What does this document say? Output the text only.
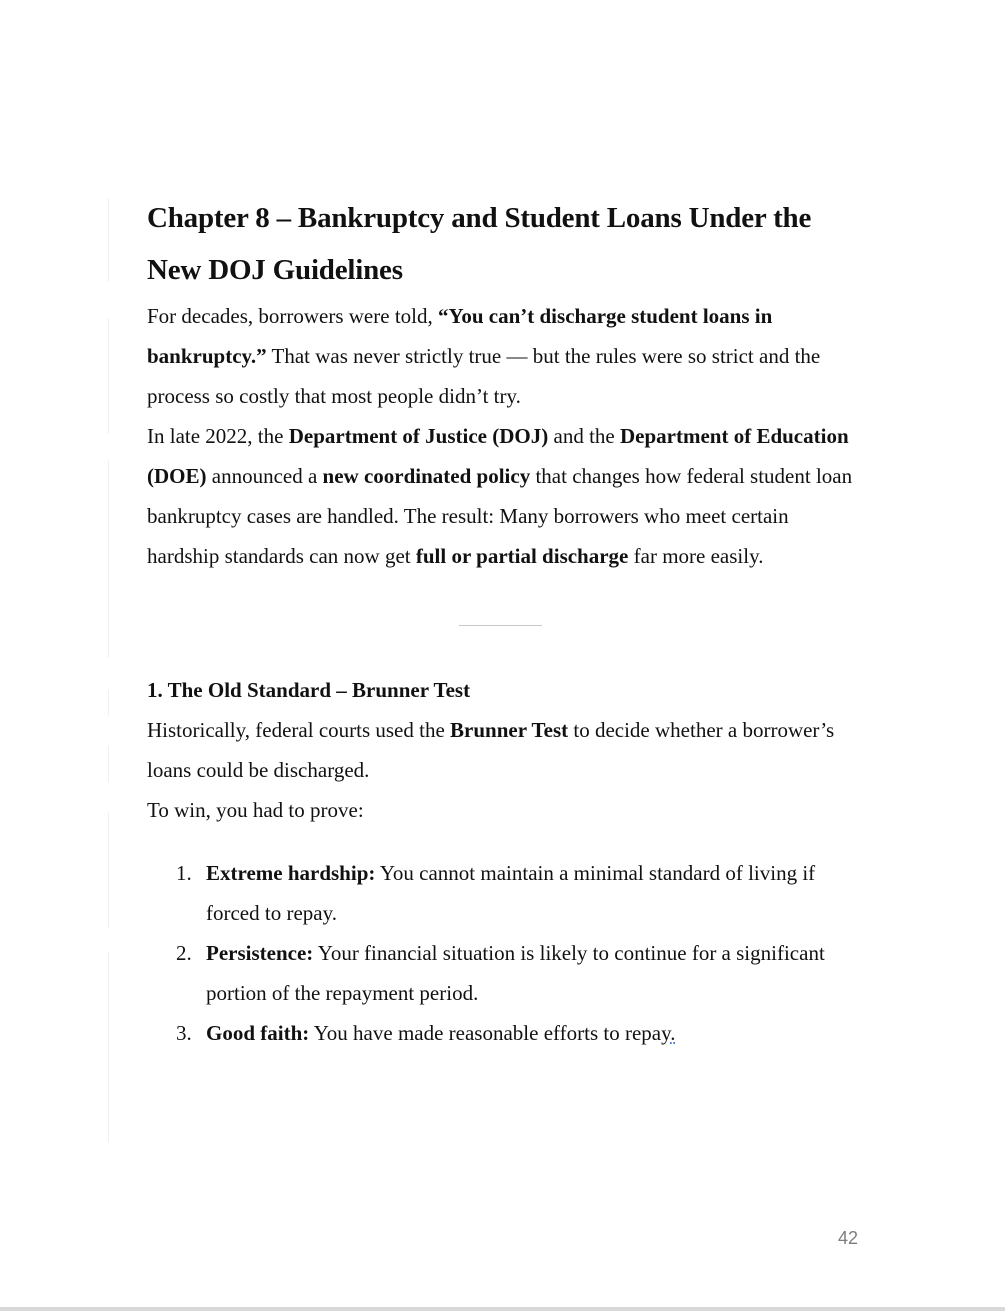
Chapter 8 – Bankruptcy and Student Loans Under the
New DOJ Guidelines

For decades, borrowers were told, “You can’t discharge student loans in bankruptcy.” That was never strictly true — but the rules were so strict and the process so costly that most people didn’t try.

In late 2022, the Department of Justice (DOJ) and the Department of Education (DOE) announced a new coordinated policy that changes how federal student loan bankruptcy cases are handled. The result: Many borrowers who meet certain hardship standards can now get full or partial discharge far more easily.

1. The Old Standard – Brunner Test

Historically, federal courts used the Brunner Test to decide whether a borrower’s loans could be discharged.
To win, you had to prove:

1. Extreme hardship: You cannot maintain a minimal standard of living if forced to repay.
2. Persistence: Your financial situation is likely to continue for a significant portion of the repayment period.
3. Good faith: You have made reasonable efforts to repay.
42
